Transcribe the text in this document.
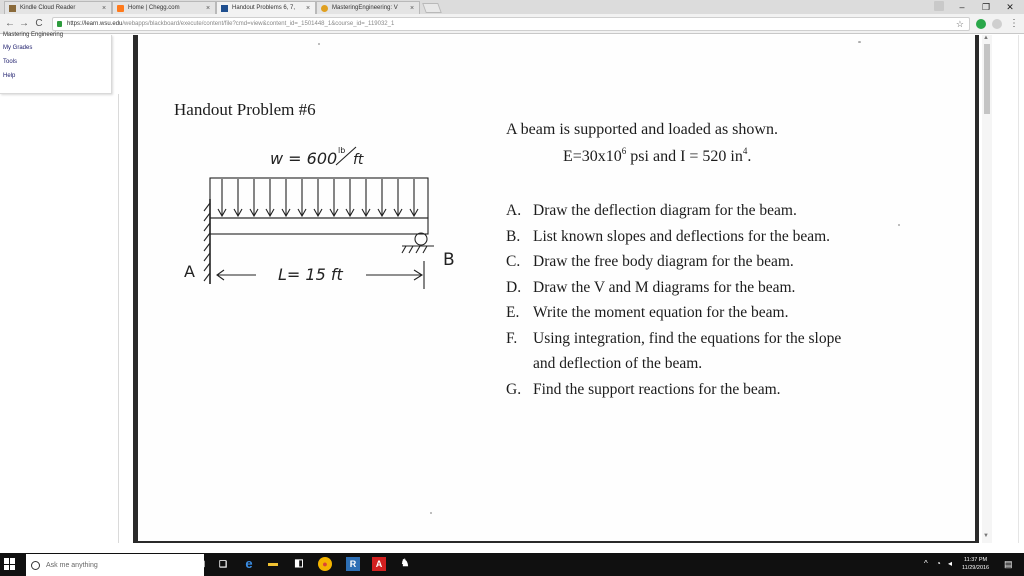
Kindle Cloud Reader	×	Home | Chegg.com	×	Handout Problems 6, 7,	×	MasteringEngineering: V	×	–	❐	✕
← → C	https://learn.wsu.edu /webapps/blackboard/execute/content/file?cmd=view&content_id=_1501448_1&course_id=_119032_1	☆	⋮
Mastering Engineering
My Grades
Tools
Help
Handout Problem #6
A beam is supported and loaded as shown.
$E=30x10^6$ psi and I = 520 $in^4$.
A. Draw the deflection diagram for the beam.
B. List known slopes and deflections for the beam.
C. Draw the free body diagram for the beam.
D. Draw the V and M diagrams for the beam.
E. Write the moment equation for the beam.
F.	Using integration, find the equations for the slope
and deflection of the beam.
G. Find the support reactions for the beam.
w = 600 lb
ft
A
B
L= 15 ft
▲
▼
Ask me anything	▯	❏ e	▬ ◧	●	R	A	♞	^ ◔ ◂	11:37 PM
11/29/2016 ▤
